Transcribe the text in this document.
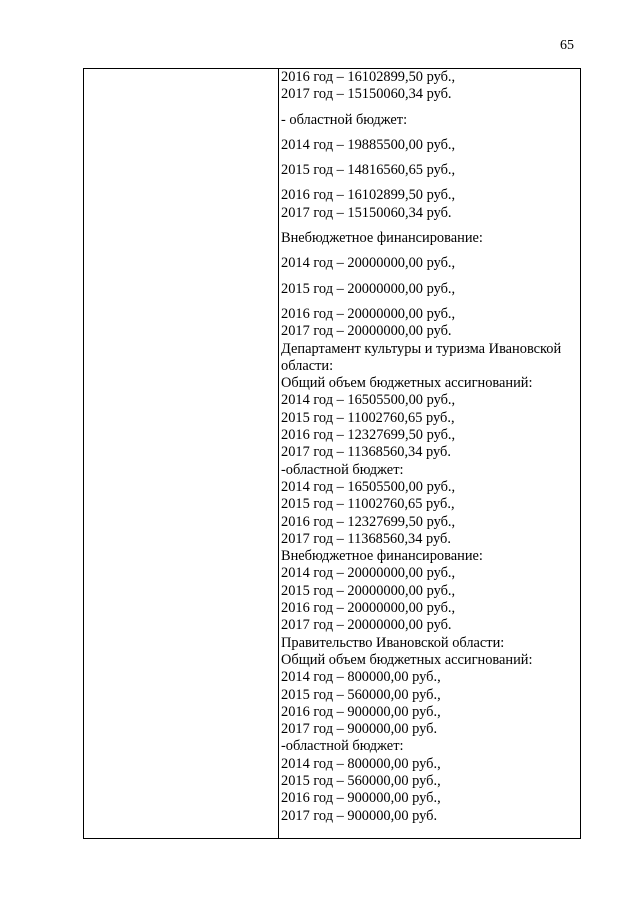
65

2016 год – 16102899,50 руб.,
2017 год – 15150060,34 руб.
- областной бюджет:
2014 год – 19885500,00 руб.,
2015 год – 14816560,65 руб.,
2016 год – 16102899,50 руб.,
2017 год – 15150060,34 руб.
Внебюджетное финансирование:
2014 год – 20000000,00 руб.,
2015 год – 20000000,00 руб.,
2016 год – 20000000,00 руб.,
2017 год – 20000000,00 руб.
Департамент культуры и туризма Ивановской
области:
Общий объем бюджетных ассигнований:
2014 год – 16505500,00 руб.,
2015 год – 11002760,65 руб.,
2016 год – 12327699,50 руб.,
2017 год – 11368560,34 руб.
-областной бюджет:
2014 год – 16505500,00 руб.,
2015 год – 11002760,65 руб.,
2016 год – 12327699,50 руб.,
2017 год – 11368560,34 руб.
Внебюджетное финансирование:
2014 год – 20000000,00 руб.,
2015 год – 20000000,00 руб.,
2016 год – 20000000,00 руб.,
2017 год – 20000000,00 руб.
Правительство Ивановской области:
Общий объем бюджетных ассигнований:
2014 год – 800000,00 руб.,
2015 год – 560000,00 руб.,
2016 год – 900000,00 руб.,
2017 год – 900000,00 руб.
-областной бюджет:
2014 год – 800000,00 руб.,
2015 год – 560000,00 руб.,
2016 год – 900000,00 руб.,
2017 год – 900000,00 руб.
